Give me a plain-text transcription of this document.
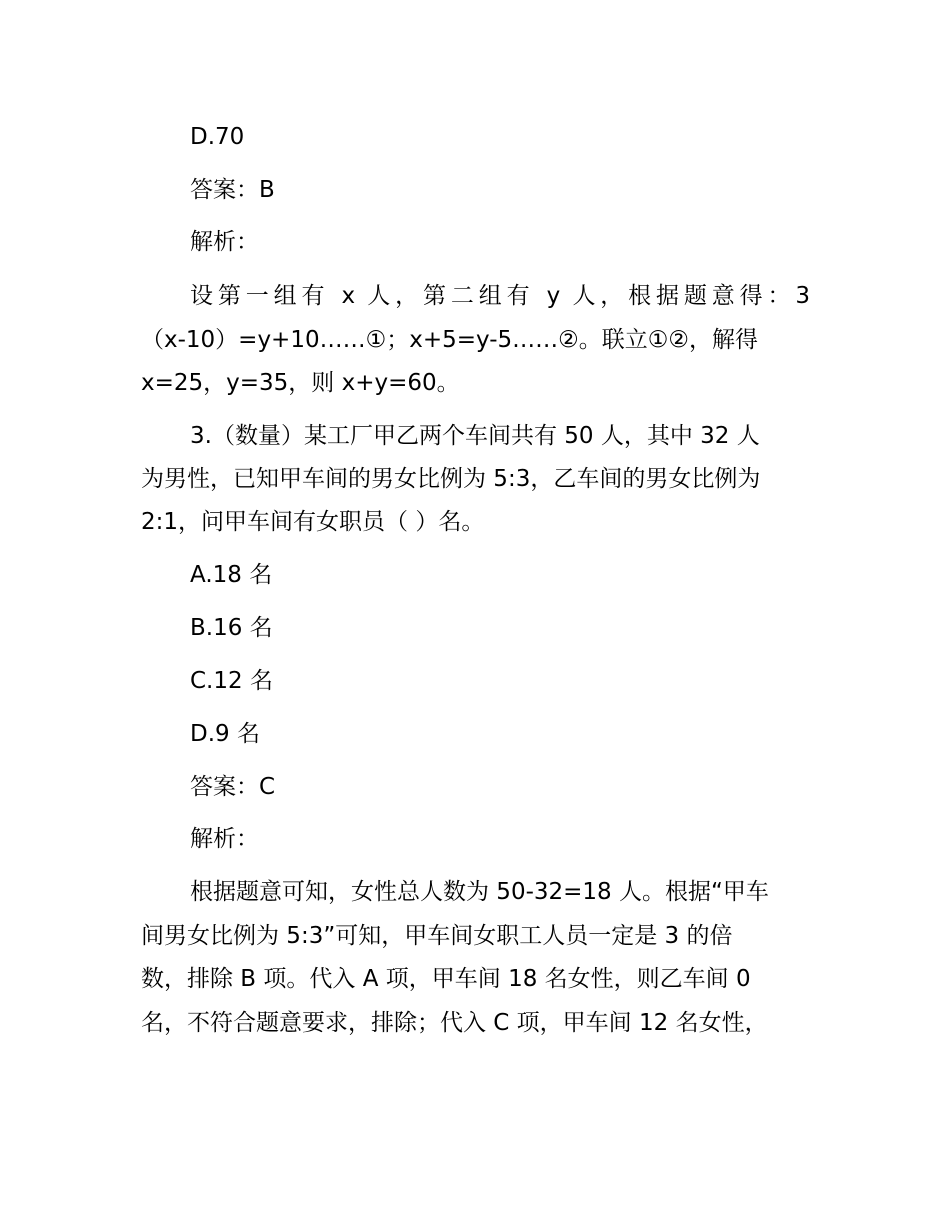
D.70
答案：B
解析：
设第一组有 x 人，第二组有 y 人，根据题意得：3
（x-10）=y+10……①；x+5=y-5……②。联立①②，解得
x=25，y=35，则 x+y=60。
3.（数量）某工厂甲乙两个车间共有 50 人，其中 32 人
为男性，已知甲车间的男女比例为 5:3，乙车间的男女比例为
2:1，问甲车间有女职员（ ）名。
A.18 名
B.16 名
C.12 名
D.9 名
答案：C
解析：
根据题意可知，女性总人数为 50-32=18 人。根据“甲车
间男女比例为 5:3”可知，甲车间女职工人员一定是 3 的倍
数，排除 B 项。代入 A 项，甲车间 18 名女性，则乙车间 0
名，不符合题意要求，排除；代入 C 项，甲车间 12 名女性，
